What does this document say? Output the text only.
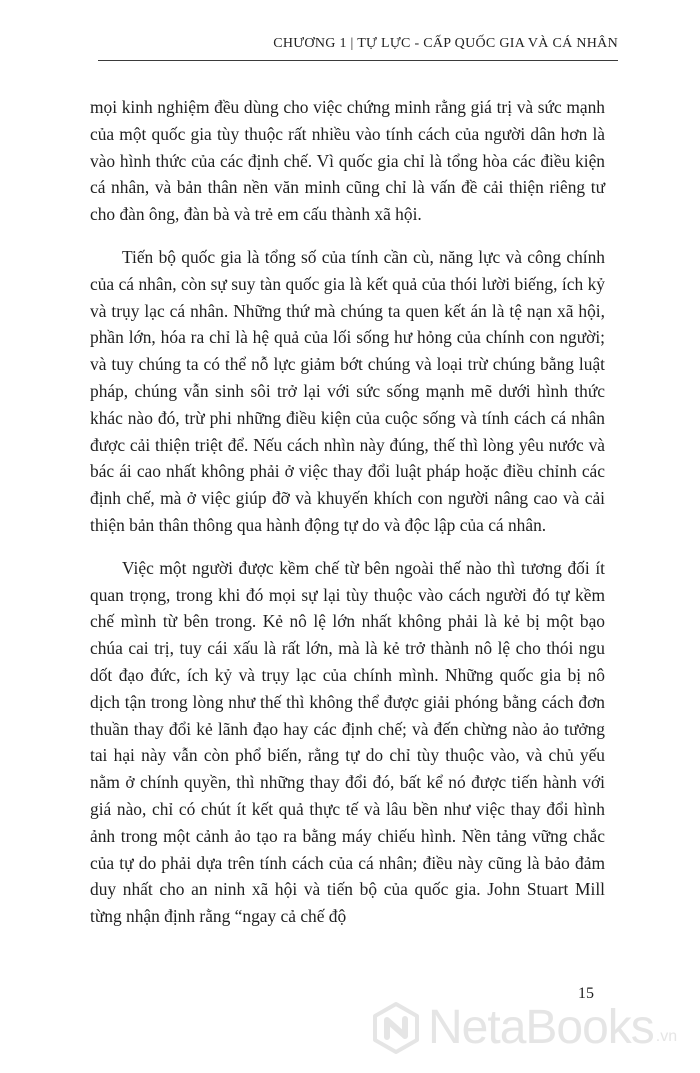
CHƯƠNG 1 | TỰ LỰC - CẤP QUỐC GIA VÀ CÁ NHÂN

mọi kinh nghiệm đều dùng cho việc chứng minh rằng giá trị và sức mạnh của một quốc gia tùy thuộc rất nhiều vào tính cách của người dân hơn là vào hình thức của các định chế. Vì quốc gia chỉ là tổng hòa các điều kiện cá nhân, và bản thân nền văn minh cũng chỉ là vấn đề cải thiện riêng tư cho đàn ông, đàn bà và trẻ em cấu thành xã hội.

Tiến bộ quốc gia là tổng số của tính cần cù, năng lực và công chính của cá nhân, còn sự suy tàn quốc gia là kết quả của thói lười biếng, ích kỷ và trụy lạc cá nhân. Những thứ mà chúng ta quen kết án là tệ nạn xã hội, phần lớn, hóa ra chỉ là hệ quả của lối sống hư hỏng của chính con người; và tuy chúng ta có thể nỗ lực giảm bớt chúng và loại trừ chúng bằng luật pháp, chúng vẫn sinh sôi trở lại với sức sống mạnh mẽ dưới hình thức khác nào đó, trừ phi những điều kiện của cuộc sống và tính cách cá nhân được cải thiện triệt để. Nếu cách nhìn này đúng, thế thì lòng yêu nước và bác ái cao nhất không phải ở việc thay đổi luật pháp hoặc điều chỉnh các định chế, mà ở việc giúp đỡ và khuyến khích con người nâng cao và cải thiện bản thân thông qua hành động tự do và độc lập của cá nhân.

Việc một người được kềm chế từ bên ngoài thế nào thì tương đối ít quan trọng, trong khi đó mọi sự lại tùy thuộc vào cách người đó tự kềm chế mình từ bên trong. Kẻ nô lệ lớn nhất không phải là kẻ bị một bạo chúa cai trị, tuy cái xấu là rất lớn, mà là kẻ trở thành nô lệ cho thói ngu dốt đạo đức, ích kỷ và trụy lạc của chính mình. Những quốc gia bị nô dịch tận trong lòng như thế thì không thể được giải phóng bằng cách đơn thuần thay đổi kẻ lãnh đạo hay các định chế; và đến chừng nào ảo tưởng tai hại này vẫn còn phổ biến, rằng tự do chỉ tùy thuộc vào, và chủ yếu nằm ở chính quyền, thì những thay đổi đó, bất kể nó được tiến hành với giá nào, chỉ có chút ít kết quả thực tế và lâu bền như việc thay đổi hình ảnh trong một cảnh ảo tạo ra bằng máy chiếu hình. Nền tảng vững chắc của tự do phải dựa trên tính cách của cá nhân; điều này cũng là bảo đảm duy nhất cho an ninh xã hội và tiến bộ của quốc gia. John Stuart Mill từng nhận định rằng “ngay cả chế độ

15
NetaBooks .vn
